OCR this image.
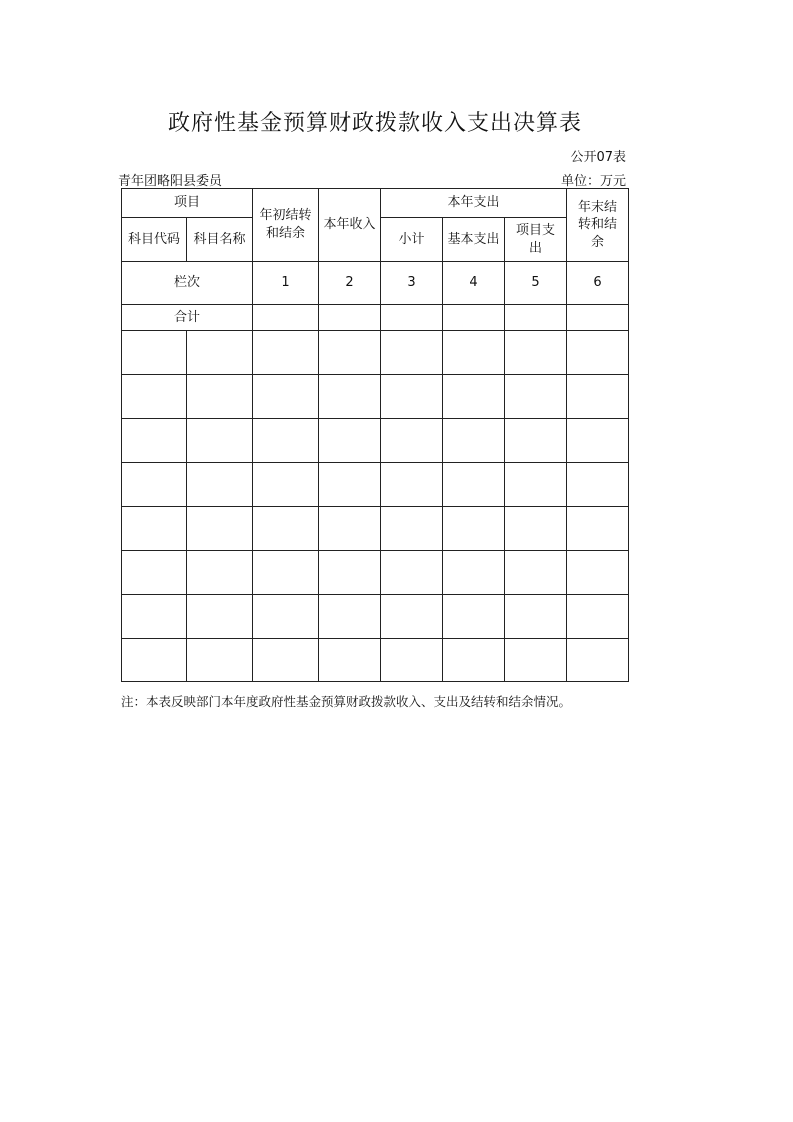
政府性基金预算财政拨款收入支出决算表
公开07表
青年团略阳县委员	单位：万元
项目		年初结转和结余	本年收入	本年支出			年末结转和结余

科目代码	科目名称			小计	基本支出	项目支出	

栏次		1	2	3	4	5	6
合计							

注：本表反映部门本年度政府性基金预算财政拨款收入、支出及结转和结余情况。
